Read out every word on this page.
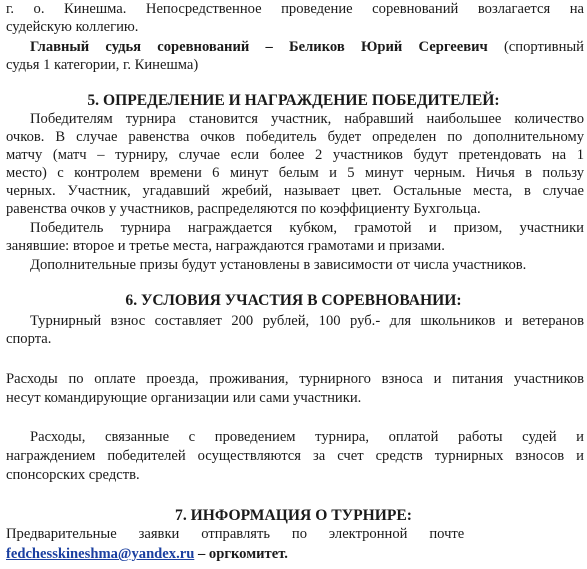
г. о. Кинешма. Непосредственное проведение соревнований возлагается на
судейскую коллегию.
Главный судья соревнований – Беликов Юрий Сергеевич (спортивный
судья 1 категории, г. Кинешма)
5. ОПРЕДЕЛЕНИЕ И НАГРАЖДЕНИЕ ПОБЕДИТЕЛЕЙ:
Победителям турнира становится участник, набравший наибольшее количество
очков. В случае равенства очков победитель будет определен по дополнительному
матчу (матч – турниру, случае если более 2 участников будут претендовать на 1
место) с контролем времени 6 минут белым и 5 минут черным. Ничья в пользу
черных. Участник, угадавший жребий, называет цвет. Остальные места, в случае
равенства очков у участников, распределяются по коэффициенту Бухгольца.
Победитель турнира награждается кубком, грамотой и призом, участники
занявшие: второе и третье места, награждаются грамотами и призами.
Дополнительные призы будут установлены в зависимости от числа участников.
6. УСЛОВИЯ УЧАСТИЯ В СОРЕВНОВАНИИ:
Турнирный взнос составляет 200 рублей, 100 руб.- для школьников и ветеранов
спорта.
Расходы по оплате проезда, проживания, турнирного взноса и питания участников
несут командирующие организации или сами участники.
Расходы, связанные с проведением турнира, оплатой работы судей и
награждением победителей осуществляются за счет средств турнирных взносов и
спонсорских средств.
7. ИНФОРМАЦИЯ О ТУРНИРЕ:
Предварительные      заявки      отправлять      по      электронной      почте
fedchesskineshma@yandex.ru – оргкомитет.
